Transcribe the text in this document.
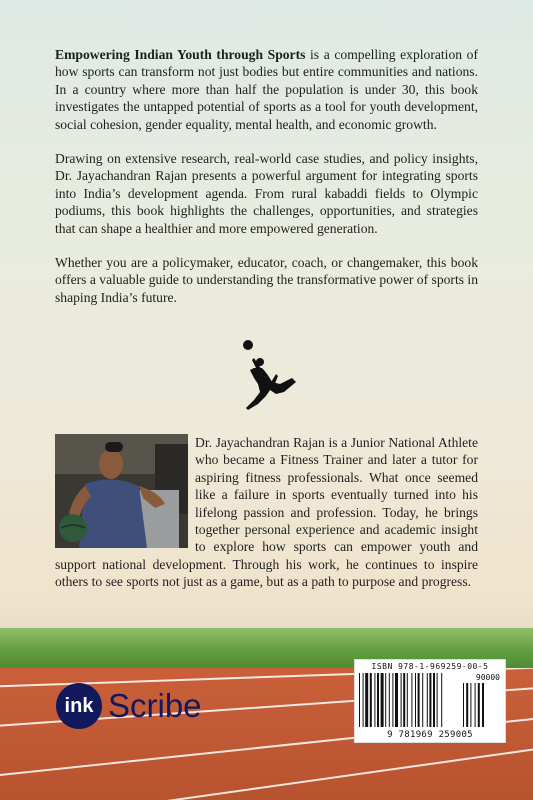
Empowering Indian Youth through Sports is a compelling exploration of how sports can transform not just bodies but entire communities and nations. In a country where more than half the population is under 30, this book investigates the untapped potential of sports as a tool for youth development, social cohesion, gender equality, mental health, and economic growth.

Drawing on extensive research, real-world case studies, and policy insights, Dr. Jayachandran Rajan presents a powerful argument for integrating sports into India’s development agenda. From rural kabaddi fields to Olympic podiums, this book highlights the challenges, opportunities, and strategies that can shape a healthier and more empowered generation.

Whether you are a policymaker, educator, coach, or changemaker, this book offers a valuable guide to understanding the transformative power of sports in shaping India’s future.

Dr. Jayachandran Rajan is a Junior National Athlete who became a Fitness Trainer and later a tutor for aspiring fitness professionals. What once seemed like a failure in sports eventually turned into his lifelong passion and profession. Today, he brings together personal experience and academic insight to explore how sports can empower youth and support national development. Through his work, he continues to inspire others to see sports not just as a game, but as a path to purpose and progress.
ink Scribe
ISBN 978-1-969259-00-5
90000
9 781969 259005
